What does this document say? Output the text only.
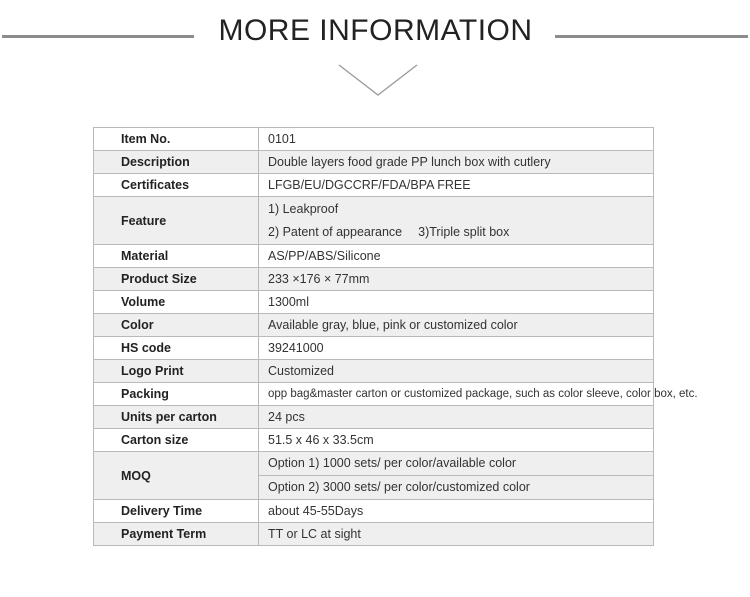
MORE INFORMATION
Item No.	0101
Description	Double layers food grade PP lunch box with cutlery
Certificates	LFGB/EU/DGCCRF/FDA/BPA FREE
Feature	1) Leakproof
2) Patent of appearance 3)Triple split box

Material	AS/PP/ABS/Silicone
Product Size	233 ×176 × 77mm
Volume	1300ml
Color	Available gray, blue, pink or customized color
HS code	39241000
Logo Print	Customized
Packing	opp bag&master carton or customized package, such as color sleeve, color box, etc.
Units per carton	24 pcs
Carton size	51.5 x 46 x 33.5cm
MOQ	Option 1) 1000 sets/ per color/available color
Option 2) 3000 sets/ per color/customized color

Delivery Time	about 45-55Days
Payment Term	TT or LC at sight
